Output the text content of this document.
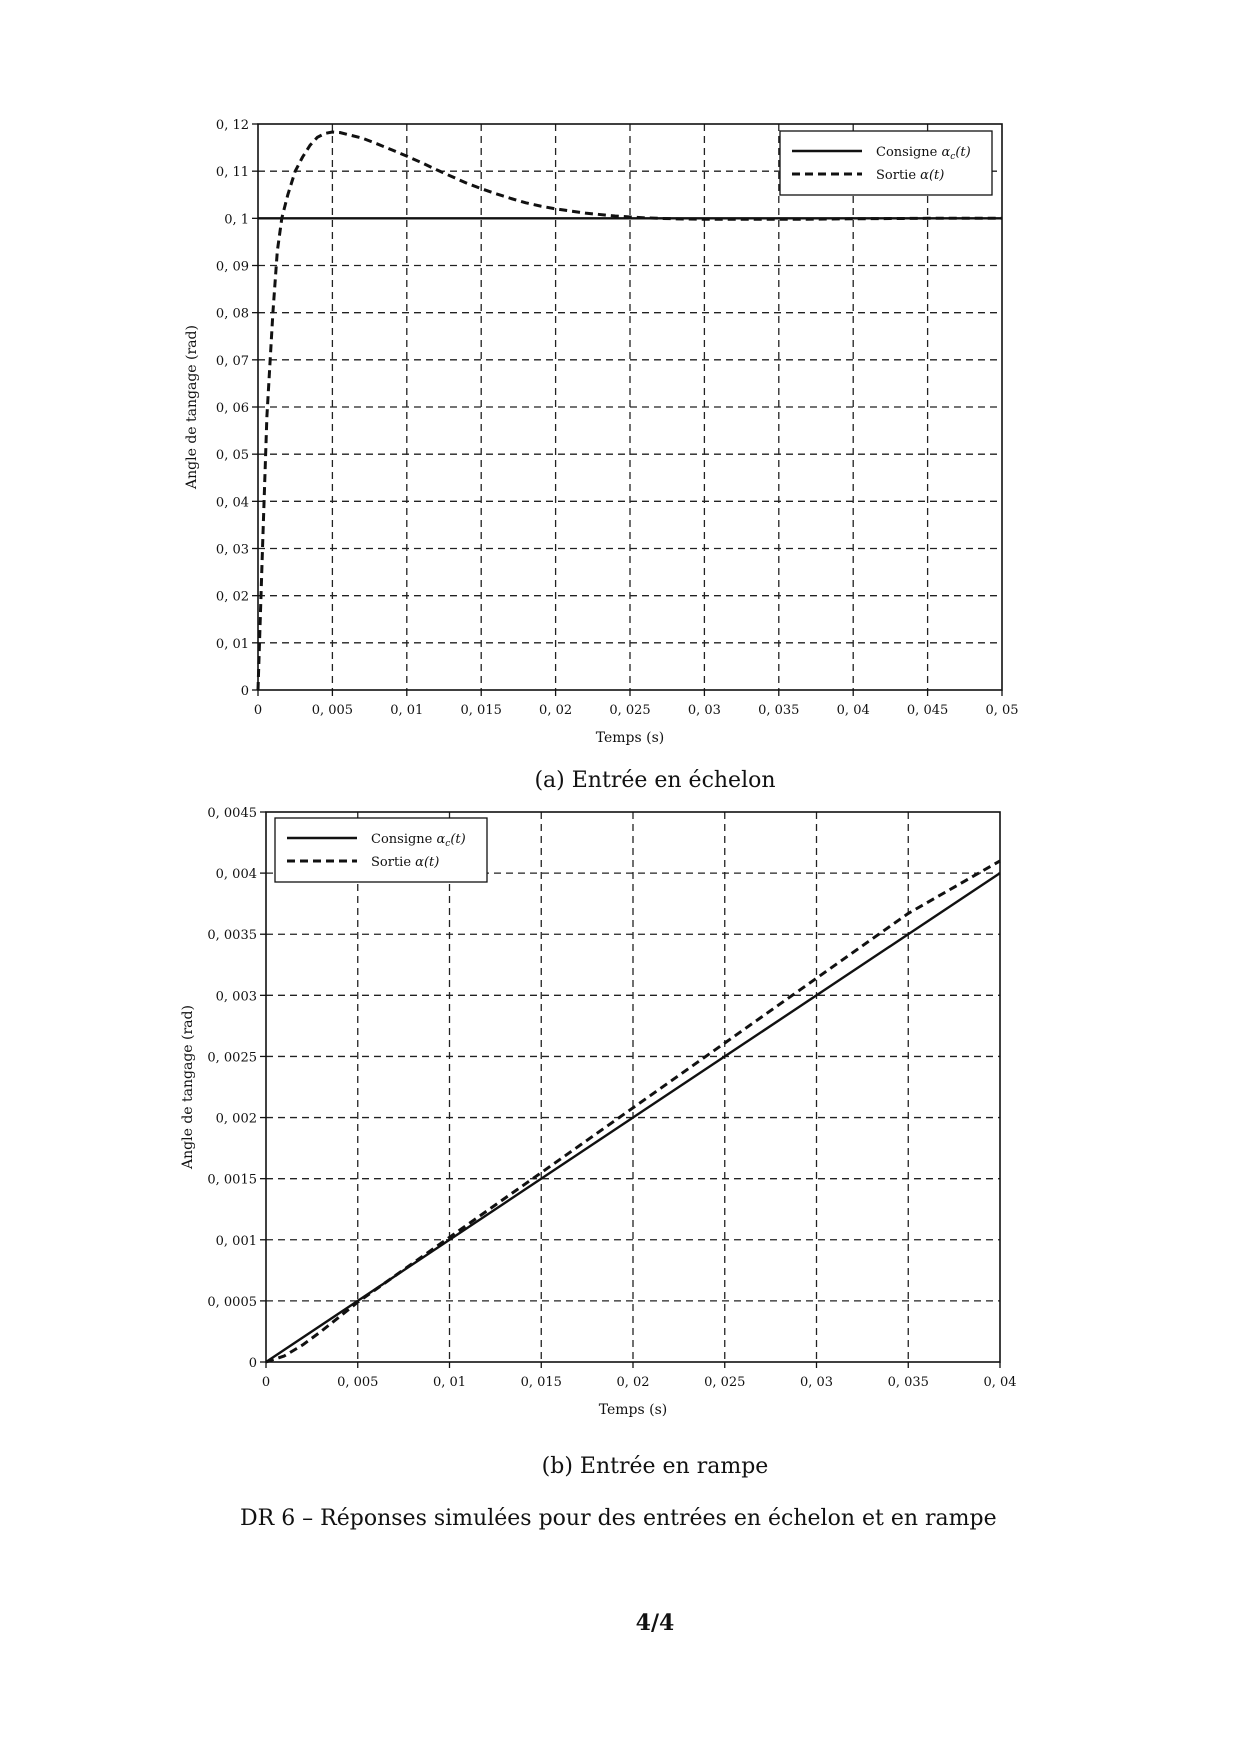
0	0, 005	0, 01	0, 015	0, 02	0, 025	0, 03	0, 035	0, 04	0, 045	0, 05
0
0, 01
0, 02
0, 03
0, 04
0, 05
0, 06
0, 07
0, 08
0, 09
0, 1
0, 11
0, 12
Temps (s)
Angle de tangage (rad)
Consigne $\alpha_c(t)$
Sortie α(t)
(a) Entrée en échelon
0	0, 005	0, 01	0, 015	0, 02	0, 025	0, 03	0, 035	0, 04
0
0, 0005
0, 001
0, 0015
0, 002
0, 0025
0, 003
0, 0035
0, 004
0, 0045
Temps (s)
Angle de tangage (rad)
Consigne $\alpha_c(t)$
Sortie α(t)
(b) Entrée en rampe
DR 6 – Réponses simulées pour des entrées en échelon et en rampe
4/4
